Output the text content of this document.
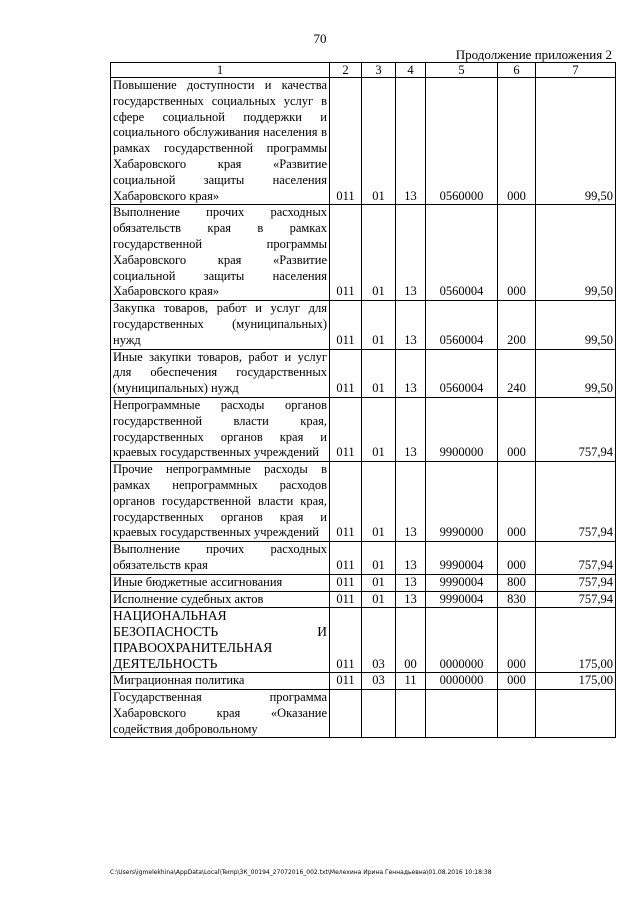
70
Продолжение приложения 2
1	2	3	4	5	6	7
Повышение доступности и качества государственных социальных услуг в сфере социальной поддержки и социального обслуживания населения в рамках государственной программы Хабаровского края «Развитие социальной защиты населения Хабаровского края»	011	01	13	0560000	000	99,50
Выполнение прочих расходных обязательств края в рамках государственной программы Хабаровского края «Развитие социальной защиты населения Хабаровского края»	011	01	13	0560004	000	99,50
Закупка товаров, работ и услуг для государственных (муниципальных) нужд	011	01	13	0560004	200	99,50
Иные закупки товаров, работ и услуг для обеспечения государственных (муниципальных) нужд	011	01	13	0560004	240	99,50
Непрограммные расходы органов государственной власти края, государственных органов края и краевых государственных учреждений	011	01	13	9900000	000	757,94
Прочие непрограммные расходы в рамках непрограммных расходов органов государственной власти края, государственных органов края и краевых государственных учреждений	011	01	13	9990000	000	757,94
Выполнение прочих расходных обязательств края	011	01	13	9990004	000	757,94
Иные бюджетные ассигнования	011	01	13	9990004	800	757,94
Исполнение судебных актов	011	01	13	9990004	830	757,94
НАЦИОНАЛЬНАЯ БЕЗОПАСНОСТЬ И ПРАВООХРАНИТЕЛЬНАЯ ДЕЯТЕЛЬНОСТЬ	011	03	00	0000000	000	175,00
Миграционная политика	011	03	11	0000000	000	175,00
Государственная программа Хабаровского края «Оказание содействия добровольному						
C:\Users\igmelekhina\AppData\Local\Temp\ЗК_00194_27072016_002.txt\Мелехина Ирина Геннадьевна\01.08.2016 10:18:38
